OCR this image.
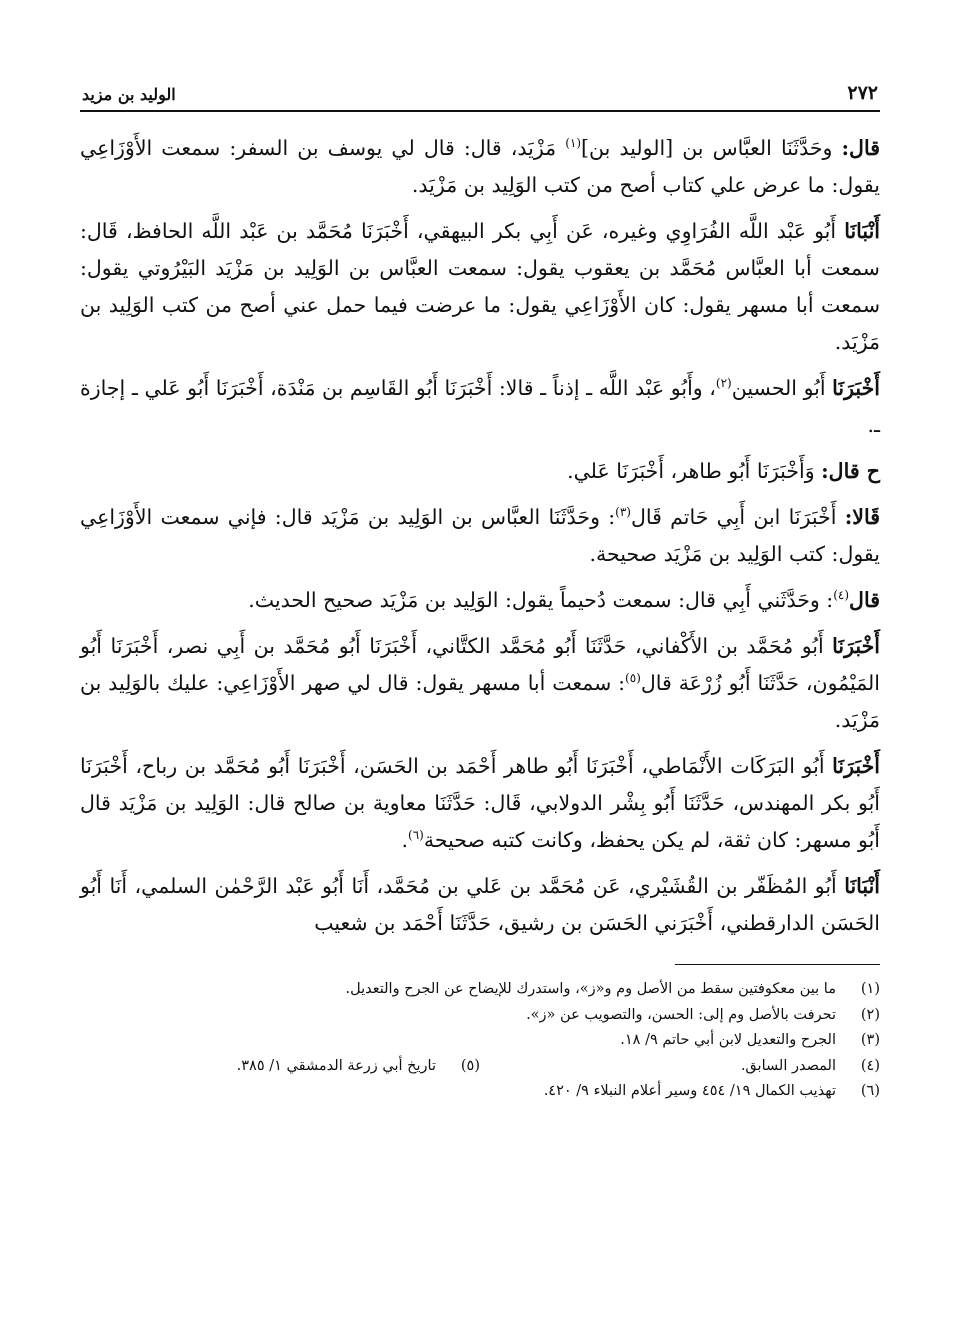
٢٧٢
الوليد بن مزيد

قال: وحَدَّثَنَا العبَّاس بن [الوليد بن]$^{(١)}$ مَزْيَد، قال: قال لي يوسف بن السفر: سمعت الأَوْزَاعِي يقول: ما عرض علي كتاب أصح من كتب الوَلِيد بن مَزْيَد.

أَنْبَانَا أَبُو عَبْد اللَّه الفُرَاوِي وغيره، عَن أَبِي بكر البيهقي، أَخْبَرَنَا مُحَمَّد بن عَبْد اللَّه الحافظ، قَال: سمعت أبا العبَّاس مُحَمَّد بن يعقوب يقول: سمعت العبَّاس بن الوَلِيد بن مَزْيَد البَيْرُوتي يقول: سمعت أبا مسهر يقول: كان الأَوْزَاعِي يقول: ما عرضت فيما حمل عني أصح من كتب الوَلِيد بن مَزْيَد.

أَخْبَرَنَا أَبُو الحسين$^{(٢)}$، وأَبُو عَبْد اللَّه ـ إذناً ـ قالا: أَخْبَرَنَا أَبُو القَاسِم بن مَنْدَة، أَخْبَرَنَا أَبُو عَلي ـ إجازة ـ.

ح قال: وَأَخْبَرَنَا أَبُو طاهر، أَخْبَرَنَا عَلي.

قَالا: أَخْبَرَنَا ابن أَبِي حَاتم قَال$^{(٣)}$: وحَدَّثَنَا العبَّاس بن الوَلِيد بن مَزْيَد قال: فإني سمعت الأَوْزَاعِي يقول: كتب الوَلِيد بن مَزْيَد صحيحة.

قال$^{(٤)}$: وحَدَّثَني أَبِي قال: سمعت دُحيماً يقول: الوَلِيد بن مَزْيَد صحيح الحديث.

أَخْبَرَنَا أَبُو مُحَمَّد بن الأَكْفاني، حَدَّثَنَا أَبُو مُحَمَّد الكتَّاني، أَخْبَرَنَا أَبُو مُحَمَّد بن أَبِي نصر، أَخْبَرَنَا أَبُو المَيْمُون، حَدَّثَنَا أَبُو زُرْعَة قال$^{(٥)}$: سمعت أبا مسهر يقول: قال لي صهر الأَوْزَاعِي: عليك بالوَلِيد بن مَزْيَد.

أَخْبَرَنَا أَبُو البَرَكَات الأَنْمَاطي، أَخْبَرَنَا أَبُو طاهر أَحْمَد بن الحَسَن، أَخْبَرَنَا أَبُو مُحَمَّد بن رباح، أَخْبَرَنَا أَبُو بكر المهندس، حَدَّثَنَا أَبُو بِشْر الدولابي، قَال: حَدَّثَنَا معاوية بن صالح قال: الوَلِيد بن مَزْيَد قال أَبُو مسهر: كان ثقة، لم يكن يحفظ، وكانت كتبه صحيحة$^{(٦)}$.

أَنْبَانَا أَبُو المُظَفّر بن القُشَيْري، عَن مُحَمَّد بن عَلي بن مُحَمَّد، أَنَا أَبُو عَبْد الرَّحْمٰن السلمي، أَنَا أَبُو الحَسَن الدارقطني، أَخْبَرَني الحَسَن بن رشيق، حَدَّثَنَا أَحْمَد بن شعيب

(١)
ما بين معكوفتين سقط من الأصل وم و«ز»، واستدرك للإيضاح عن الجرح والتعديل.
(٢)
تحرفت بالأصل وم إلى: الحسن، والتصويب عن «ز».
(٣)
الجرح والتعديل لابن أبي حاتم ٩/ ١٨.
(٤)
المصدر السابق.
(٥)
تاريخ أبي زرعة الدمشقي ١/ ٣٨٥.
(٦)
تهذيب الكمال ١٩/ ٤٥٤ وسير أعلام النبلاء ٩/ ٤٢٠.
